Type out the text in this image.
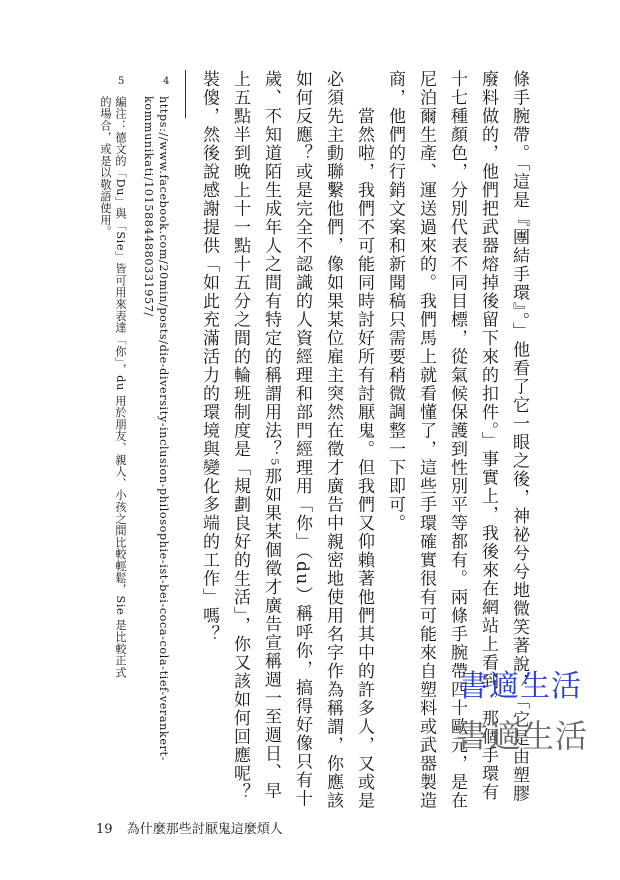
條手腕帶。「這是『團結手環』。」他看了它一眼之後，神祕兮兮地微笑著說：「它是由塑膠
廢料做的，他們把武器熔掉後留下來的扣件。」事實上，我後來在網站上看到，那個手環有
十七種顏色，分別代表不同目標，從氣候保護到性別平等都有。兩條手腕帶四十歐元，是在
尼泊爾生產、運送過來的。我們馬上就看懂了，這些手環確實很有可能來自塑料或武器製造
商，他們的行銷文案和新聞稿只需要稍微調整一下即可。
　　當然啦，我們不可能同時討好所有討厭鬼。但我們又仰賴著他們其中的許多人，又或是
必須先主動聯繫他們，像如果某位雇主突然在徵才廣告中親密地使用名字作為稱謂，你應該
如何反應？或是完全不認識的人資經理和部門經理用「你」（du）稱呼你，搞得好像只有十
歲、不知道陌生成年人之間有特定的稱謂用法？⁵那如果某個徵才廣告宣稱週一至週日、早
上五點半到晚上十一點十五分之間的輪班制度是「規劃良好的生活」，你又該如何回應呢？
裝傻，然後說感謝提供「如此充滿活力的環境與變化多端的工作」嗎？
4
https://www.facebook.com/20min/posts/die-diversity-inclusion-philosophie-ist-bei-coca-cola-tief-verankert-
kommunikati/10158844880331957/
5
編注：德文的「Du」與「Sie」皆可用來表達「你」，du 用於朋友、親人、小孩之間比較輕鬆，Sie 是比較正式
的場合，或是以敬語使用。
書適生活
書適生活
19 為什麼那些討厭鬼這麼煩人
